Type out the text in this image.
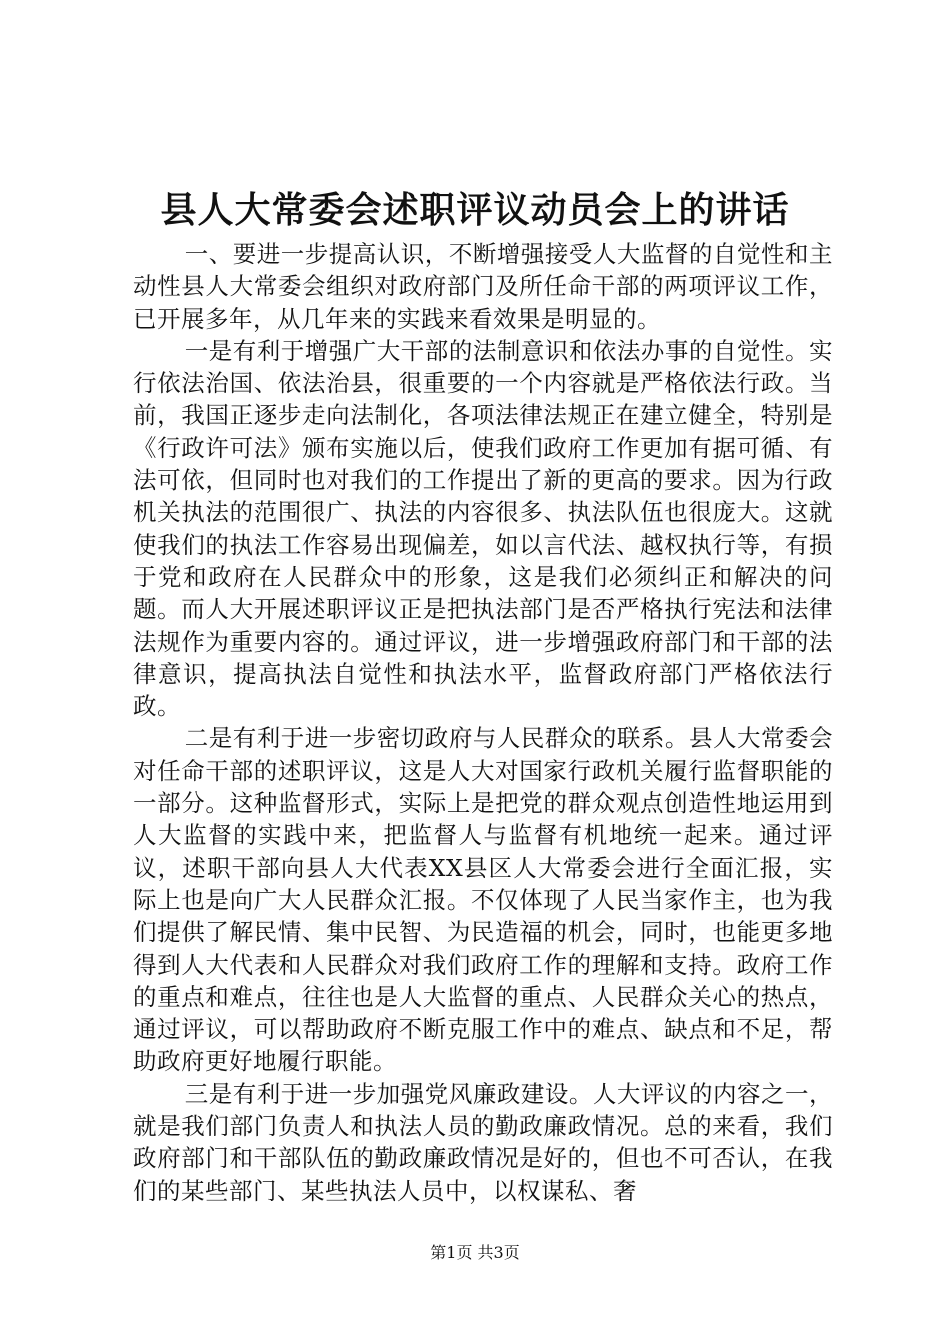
县人大常委会述职评议动员会上的讲话

一、要进一步提高认识，不断增强接受人大监督的自觉性和主动性县人大常委会组织对政府部门及所任命干部的两项评议工作，已开展多年，从几年来的实践来看效果是明显的。

一是有利于增强广大干部的法制意识和依法办事的自觉性。实行依法治国、依法治县，很重要的一个内容就是严格依法行政。当前，我国正逐步走向法制化，各项法律法规正在建立健全，特别是《行政许可法》颁布实施以后，使我们政府工作更加有据可循、有法可依，但同时也对我们的工作提出了新的更高的要求。因为行政机关执法的范围很广、执法的内容很多、执法队伍也很庞大。这就使我们的执法工作容易出现偏差，如以言代法、越权执行等，有损于党和政府在人民群众中的形象，这是我们必须纠正和解决的问题。而人大开展述职评议正是把执法部门是否严格执行宪法和法律法规作为重要内容的。通过评议，进一步增强政府部门和干部的法律意识，提高执法自觉性和执法水平，监督政府部门严格依法行政。

二是有利于进一步密切政府与人民群众的联系。县人大常委会对任命干部的述职评议，这是人大对国家行政机关履行监督职能的一部分。这种监督形式，实际上是把党的群众观点创造性地运用到人大监督的实践中来，把监督人与监督有机地统一起来。通过评议，述职干部向县人大代表XX县区人大常委会进行全面汇报，实际上也是向广大人民群众汇报。不仅体现了人民当家作主，也为我们提供了解民情、集中民智、为民造福的机会，同时，也能更多地得到人大代表和人民群众对我们政府工作的理解和支持。政府工作的重点和难点，往往也是人大监督的重点、人民群众关心的热点，通过评议，可以帮助政府不断克服工作中的难点、缺点和不足，帮助政府更好地履行职能。

三是有利于进一步加强党风廉政建设。人大评议的内容之一，就是我们部门负责人和执法人员的勤政廉政情况。总的来看，我们政府部门和干部队伍的勤政廉政情况是好的，但也不可否认，在我们的某些部门、某些执法人员中，以权谋私、奢

第1页 共3页
